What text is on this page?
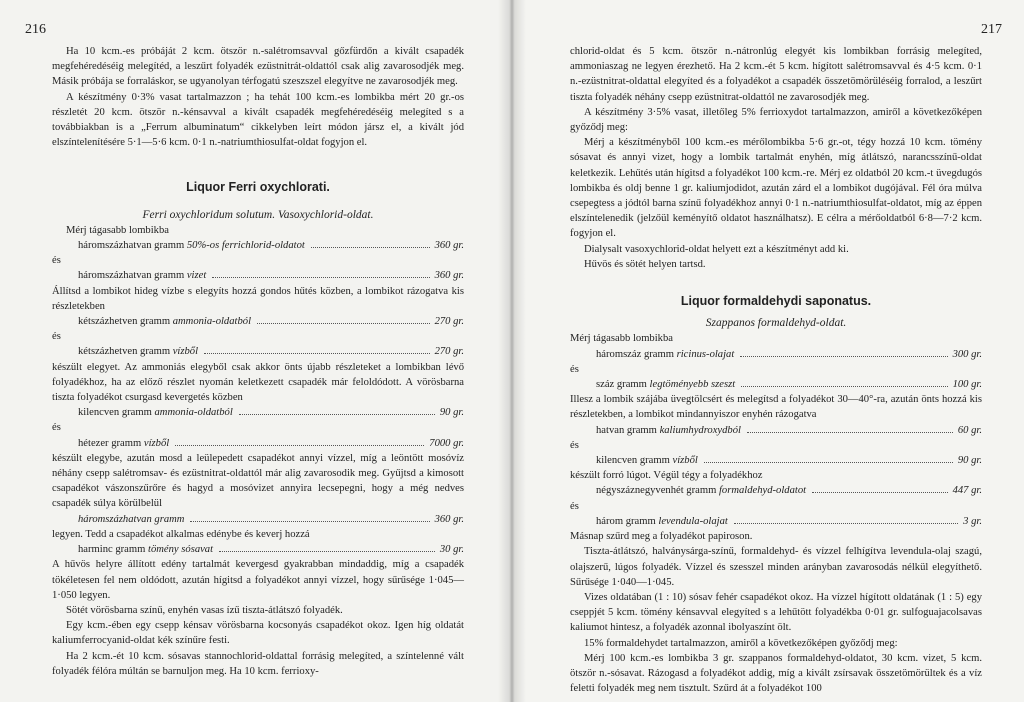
216

Ha 10 kcm.-es próbáját 2 kcm. ötször n.-salétromsavval gőzfürdőn a kivált csapadék megfehéredéséig melegítéd, a leszűrt folyadék ezüstnitrát-oldattól csak alig zavarosodjék meg. Másik próbája se forraláskor, se ugyanolyan térfogatú szeszszel elegyítve ne zavarosodjék meg.

A készítmény 0·3% vasat tartalmazzon ; ha tehát 100 kcm.-es lombikba mért 20 gr.-os részletét 20 kcm. ötször n.-kénsavval a kivált csapadék megfehéredéséig melegíted s a továbbiakban is a „Ferrum albuminatum“ cikkelyben leírt módon jársz el, a kivált jód elszíntelenítésére 5·1—5·6 kcm. 0·1 n.-natriumthiosulfat-oldat fogyjon el.

Liquor Ferri oxychlorati.
Ferri oxychloridum solutum. Vasoxychlorid-oldat.

Mérj tágasabb lombikba

háromszázhatvan gramm 50%-os ferrichlorid-oldatot	360 gr.

és

háromszázhatvan gramm vizet	360 gr.

Állítsd a lombikot hideg vízbe s elegyíts hozzá gondos hűtés közben, a lombikot rázogatva kis részletekben

kétszázhetven gramm ammonia-oldatból	270 gr.

és

kétszázhetven gramm vízből	270 gr.

készült elegyet. Az ammoniás elegyből csak akkor önts újabb részleteket a lombikban lévő folyadékhoz, ha az előző részlet nyomán keletkezett csapadék már feloldódott. A vörösbarna tiszta folyadékot csurgasd kevergetés közben

kilencven gramm ammonia-oldatból	90 gr.

és

hétezer gramm vízből	7000 gr.

készült elegybe, azután mosd a leülepedett csapadékot annyi vízzel, míg a leöntött mosóvíz néhány csepp salétromsav- és ezüstnitrat-oldattól már alig zavarosodik meg. Gyűjtsd a kimosott csapadékot vászonszűrőre és hagyd a mosóvizet annyira lecsepegni, hogy a még nedves csapadék súlya körülbelül

háromszázhatvan gramm	360 gr.

legyen. Tedd a csapadékot alkalmas edénybe és keverj hozzá

harminc gramm tömény sósavat	30 gr.

A hűvös helyre állított edény tartalmát kevergesd gyakrabban mindaddig, míg a csapadék tökéletesen fel nem oldódott, azután hígitsd a folyadékot annyi vízzel, hogy sűrűsége 1·045—1·050 legyen.

Sötét vörösbarna színű, enyhén vasas ízű tiszta-átlátszó folyadék.

Egy kcm.-ében egy csepp kénsav vörösbarna kocsonyás csapadékot okoz. Igen híg oldatát kaliumferrocyanid-oldat kék színűre festi.

Ha 2 kcm.-ét 10 kcm. sósavas stannochlorid-oldattal forrásig melegíted, a színtelenné vált folyadék félóra múltán se barnuljon meg. Ha 10 kcm. ferrioxy-

217

chlorid-oldat és 5 kcm. ötször n.-nátronlúg elegyét kis lombikban forrásig melegíted, ammoniaszag ne legyen érezhető. Ha 2 kcm.-ét 5 kcm. hígított salétromsavval és 4·5 kcm. 0·1 n.-ezüstnitrat-oldattal elegyíted és a folyadékot a csapadék összetömörüléséig forralod, a leszűrt tiszta folyadék néhány csepp ezüstnitrat-oldattól ne zavarosodjék meg.

A készítmény 3·5% vasat, illetőleg 5% ferrioxydot tartalmazzon, amiről a következőképen győződj meg:

Mérj a készítményből 100 kcm.-es mérőlombikba 5·6 gr.-ot, tégy hozzá 10 kcm. tömény sósavat és annyi vizet, hogy a lombik tartalmát enyhén, míg átlátszó, narancsszínű-oldat keletkezik. Lehűtés után hígitsd a folyadékot 100 kcm.-re. Mérj ez oldatból 20 kcm.-t üvegdugós lombikba és oldj benne 1 gr. kaliumjodidot, azután zárd el a lombikot dugójával. Fél óra múlva csepegtess a jódtól barna színű folyadékhoz annyi 0·1 n.-natriumthiosulfat-oldatot, míg az éppen elszíntelenedik (jelzőül keményítő oldatot használhatsz). E célra a mérőoldatból 6·8—7·2 kcm. fogyjon el.

Dialysalt vasoxychlorid-oldat helyett ezt a készítményt add ki.

Hűvös és sötét helyen tartsd.

Liquor formaldehydi saponatus.
Szappanos formaldehyd-oldat.

Mérj tágasabb lombikba

háromszáz gramm ricinus-olajat	300 gr.

és

száz gramm legtöményebb szeszt	100 gr.

Illesz a lombik szájába üvegtölcsért és melegítsd a folyadékot 30—40°-ra, azután önts hozzá kis részletekben, a lombikot mindannyiszor enyhén rázogatva

hatvan gramm kaliumhydroxydból	60 gr.

és

kilencven gramm vízből	90 gr.

készült forró lúgot. Végül tégy a folyadékhoz

négyszáznegyvenhét gramm formaldehyd-oldatot	447 gr.

és

három gramm levendula-olajat	3 gr.

Másnap szűrd meg a folyadékot papiroson.

Tiszta-átlátszó, halványsárga-színű, formaldehyd- és vízzel felhígítva levendula-olaj szagú, olajszerű, lúgos folyadék. Vízzel és szesszel minden arányban zavarosodás nélkül elegyíthető. Sűrűsége 1·040—1·045.

Vizes oldatában (1 : 10) sósav fehér csapadékot okoz. Ha vízzel hígított oldatának (1 : 5) egy cseppjét 5 kcm. tömény kénsavval elegyíted s a lehűtött folyadékba 0·01 gr. sulfoguajacolsavas kaliumot hintesz, a folyadék azonnal ibolyaszínt ölt.

15% formaldehydet tartalmazzon, amiről a következőképen győződj meg:

Mérj 100 kcm.-es lombikba 3 gr. szappanos formaldehyd-oldatot, 30 kcm. vizet, 5 kcm. ötször n.-sósavat. Rázogasd a folyadékot addig, míg a kivált zsírsavak összetömörültek és a víz feletti folyadék meg nem tisztult. Szűrd át a folyadékot 100
